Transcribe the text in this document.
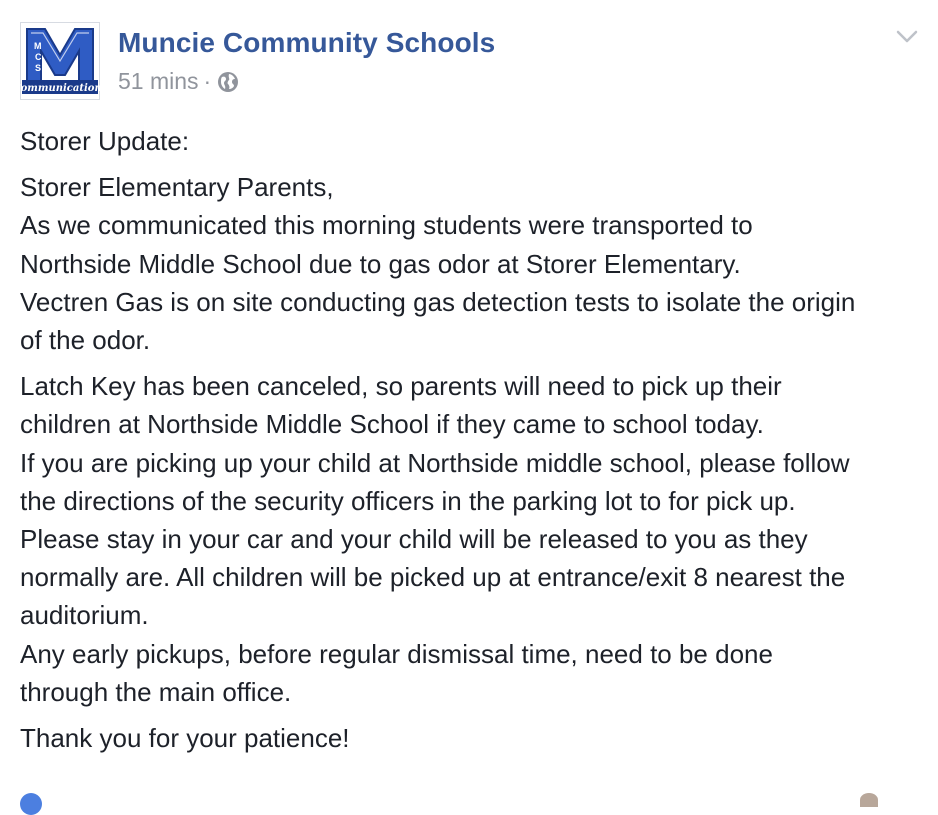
M
C
S
Communications
Muncie Community Schools
51 mins ·

Storer Update:

Storer Elementary Parents,
As we communicated this morning students were transported to
Northside Middle School due to gas odor at Storer Elementary.
Vectren Gas is on site conducting gas detection tests to isolate the origin
of the odor.

Latch Key has been canceled, so parents will need to pick up their
children at Northside Middle School if they came to school today.
If you are picking up your child at Northside middle school, please follow
the directions of the security officers in the parking lot to for pick up.
Please stay in your car and your child will be released to you as they
normally are. All children will be picked up at entrance/exit 8 nearest the
auditorium.
Any early pickups, before regular dismissal time, need to be done
through the main office.

Thank you for your patience!
